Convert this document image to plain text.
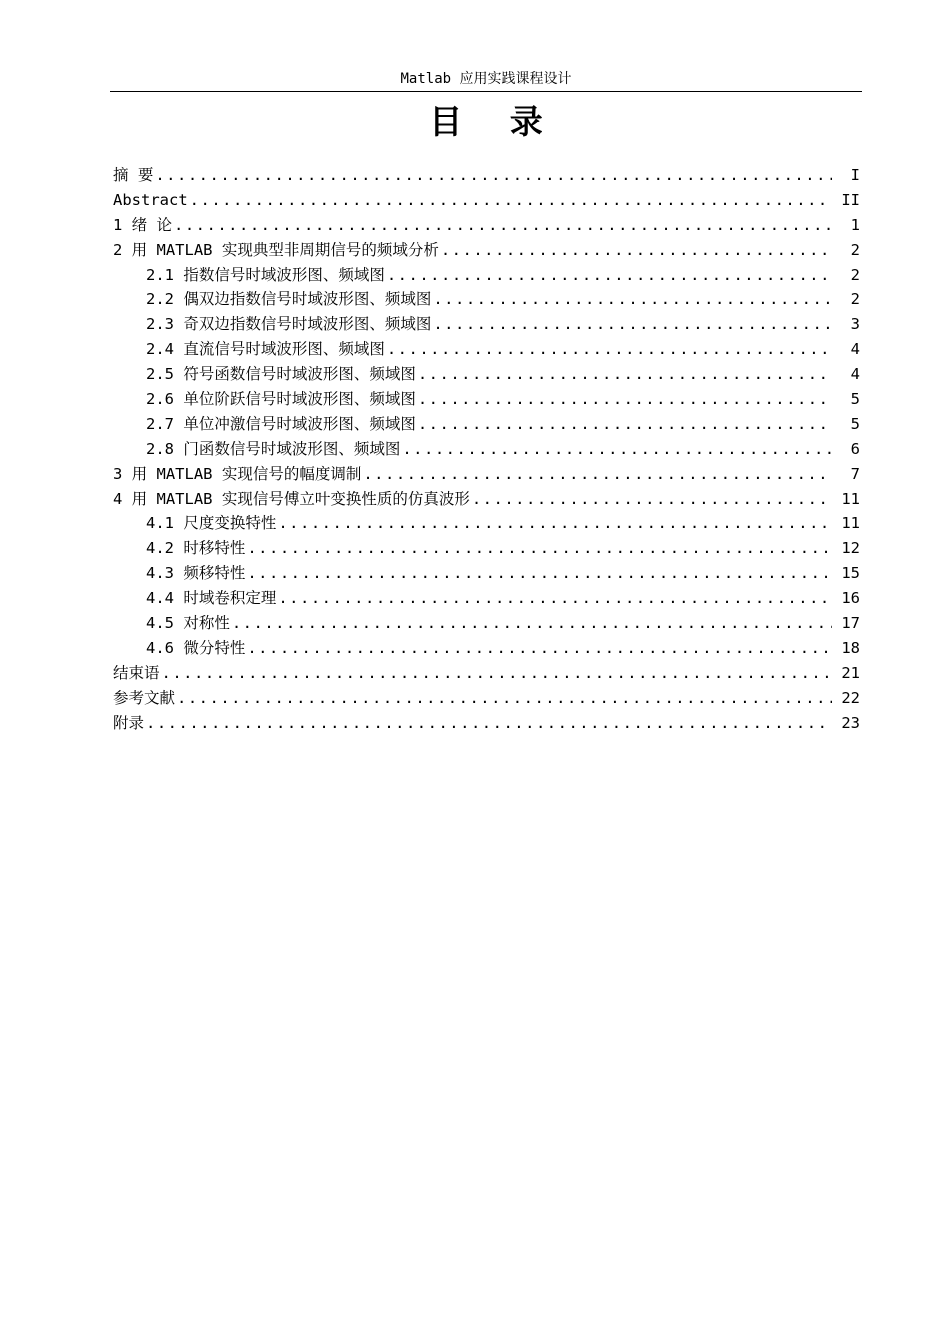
Matlab 应用实践课程设计
目 录
摘 要 .....	I
Abstract .....	II
1 绪 论 .....	1
2 用 MATLAB 实现典型非周期信号的频域分析 .....	2
2.1 指数信号时域波形图、频域图 .....	2
2.2 偶双边指数信号时域波形图、频域图 .....	2
2.3 奇双边指数信号时域波形图、频域图 .....	3
2.4 直流信号时域波形图、频域图 .....	4
2.5 符号函数信号时域波形图、频域图 .....	4
2.6 单位阶跃信号时域波形图、频域图 .....	5
2.7 单位冲激信号时域波形图、频域图 .....	5
2.8 门函数信号时域波形图、频域图 .....	6
3 用 MATLAB 实现信号的幅度调制 .....	7
4 用 MATLAB 实现信号傅立叶变换性质的仿真波形 .....	11
4.1 尺度变换特性 .....	11
4.2 时移特性 .....	12
4.3 频移特性 .....	15
4.4 时域卷积定理 .....	16
4.5 对称性 .....	17
4.6 微分特性 .....	18
结束语 .....	21
参考文献 .....	22
附录 .....	23
